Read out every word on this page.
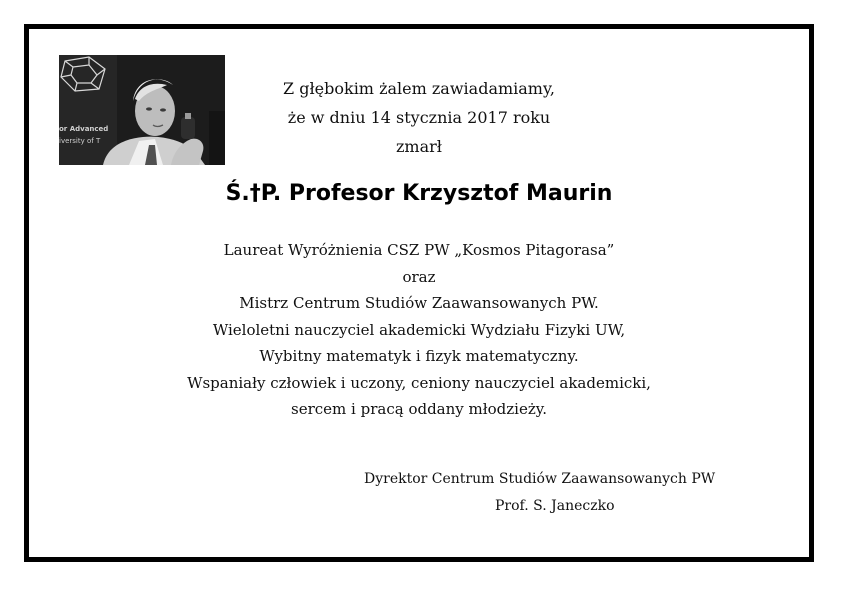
or Advanced
iversity of T
Z głębokim żalem zawiadamiamy,
że w dniu 14 stycznia 2017 roku
zmarł
Ś.†P. Profesor Krzysztof Maurin
Laureat Wyróżnienia CSZ PW „Kosmos Pitagorasa”
oraz
Mistrz Centrum Studiów Zaawansowanych PW.
Wieloletni nauczyciel akademicki Wydziału Fizyki UW,
Wybitny matematyk i fizyk matematyczny.
Wspaniały człowiek i uczony, ceniony nauczyciel akademicki,
sercem i pracą oddany młodzieży.
Dyrektor Centrum Studiów Zaawansowanych PW
Prof. S. Janeczko
